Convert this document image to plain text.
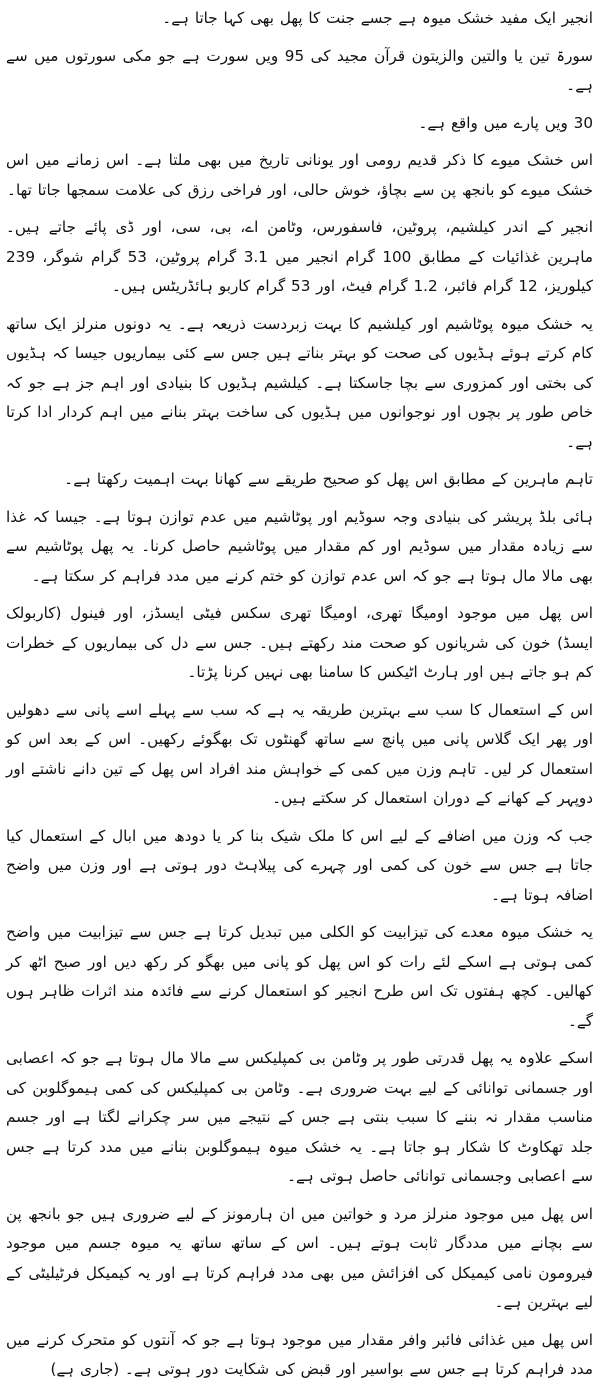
انجیر ایک مفید خشک میوہ ہے جسے جنت کا پھل بھی کہا جاتا ہے۔

سورۃ تین یا والتین والزیتون قرآن مجید کی 95 ویں سورت ہے جو مکی سورتوں میں سے ہے۔

30 ویں پارے میں واقع ہے۔

اس خشک میوے کا ذکر قدیم رومی اور یونانی تاریخ میں بھی ملتا ہے۔ اس زمانے میں اس خشک میوے کو بانجھ پن سے بچاؤ، خوش حالی، اور فراخی رزق کی علامت سمجھا جاتا تھا۔

انجیر کے اندر کیلشیم، پروٹین، فاسفورس، وٹامن اے، بی، سی، اور ڈی پائے جاتے ہیں۔ ماہرین غذائیات کے مطابق 100 گرام انجیر میں 3.1 گرام پروٹین، 53 گرام شوگر، 239 کیلوریز، 12 گرام فائبر، 1.2 گرام فیٹ، اور 53 گرام کاربو ہائڈریٹس ہیں۔

یہ خشک میوہ پوٹاشیم اور کیلشیم کا بہت زبردست ذریعہ ہے۔ یہ دونوں منرلز ایک ساتھ کام کرتے ہوئے ہڈیوں کی صحت کو بہتر بناتے ہیں جس سے کئی بیماریوں جیسا کہ ہڈیوں کی بختی اور کمزوری سے بچا جاسکتا ہے۔ کیلشیم ہڈیوں کا بنیادی اور اہم جز ہے جو کہ خاص طور پر بچوں اور نوجوانوں میں ہڈیوں کی ساخت بہتر بنانے میں اہم کردار ادا کرتا ہے۔

تاہم ماہرین کے مطابق اس پھل کو صحیح طریقے سے کھانا بہت اہمیت رکھتا ہے۔

ہائی بلڈ پریشر کی بنیادی وجہ سوڈیم اور پوٹاشیم میں عدم توازن ہوتا ہے۔ جیسا کہ غذا سے زیادہ مقدار میں سوڈیم اور کم مقدار میں پوٹاشیم حاصل کرنا۔ یہ پھل پوٹاشیم سے بھی مالا مال ہوتا ہے جو کہ اس عدم توازن کو ختم کرنے میں مدد فراہم کر سکتا ہے۔

اس پھل میں موجود اومیگا تھری، اومیگا تھری سکس فیٹی ایسڈز، اور فینول (کاربولک ایسڈ) خون کی شریانوں کو صحت مند رکھتے ہیں۔ جس سے دل کی بیماریوں کے خطرات کم ہو جاتے ہیں اور ہارٹ اٹیکس کا سامنا بھی نہیں کرنا پڑتا۔

اس کے استعمال کا سب سے بہترین طریقہ یہ ہے کہ سب سے پہلے اسے پانی سے دھولیں اور پھر ایک گلاس پانی میں پانچ سے ساتھ گھنٹوں تک بھگوئے رکھیں۔ اس کے بعد اس کو استعمال کر لیں۔ تاہم وزن میں کمی کے خواہش مند افراد اس پھل کے تین دانے ناشتے اور دوپہر کے کھانے کے دوران استعمال کر سکتے ہیں۔

جب کہ وزن میں اضافے کے لیے اس کا ملک شیک بنا کر یا دودھ میں ابال کے استعمال کیا جاتا ہے جس سے خون کی کمی اور چہرے کی پیلاہٹ دور ہوتی ہے اور وزن میں واضح اضافہ ہوتا ہے۔

یہ خشک میوہ معدے کی تیزابیت کو الکلی میں تبدیل کرتا ہے جس سے تیزابیت میں واضح کمی ہوتی ہے اسکے لئے رات کو اس پھل کو پانی میں بھگو کر رکھ دیں اور صبح اٹھ کر کھالیں۔ کچھ ہفتوں تک اس طرح انجیر کو استعمال کرنے سے فائدہ مند اثرات ظاہر ہوں گے۔

اسکے علاوہ یہ پھل قدرتی طور پر وٹامن بی کمپلیکس سے مالا مال ہوتا ہے جو کہ اعصابی اور جسمانی توانائی کے لیے بہت ضروری ہے۔ وٹامن بی کمپلیکس کی کمی ہیموگلوبن کی مناسب مقدار نہ بننے کا سبب بنتی ہے جس کے نتیجے میں سر چکرانے لگتا ہے اور جسم جلد تھکاوٹ کا شکار ہو جاتا ہے۔ یہ خشک میوہ ہیموگلوبن بنانے میں مدد کرتا ہے جس سے اعصابی وجسمانی توانائی حاصل ہوتی ہے۔

اس پھل میں موجود منرلز مرد و خواتین میں ان ہارمونز کے لیے ضروری ہیں جو بانجھ پن سے بچانے میں مددگار ثابت ہوتے ہیں۔ اس کے ساتھ ساتھ یہ میوہ جسم میں موجود فیرومون نامی کیمیکل کی افزائش میں بھی مدد فراہم کرتا ہے اور یہ کیمیکل فرٹیلیٹی کے لیے بہترین ہے۔

اس پھل میں غذائی فائبر وافر مقدار میں موجود ہوتا ہے جو کہ آنتوں کو متحرک کرنے میں مدد فراہم کرتا ہے جس سے بواسیر اور قبض کی شکایت دور ہوتی ہے۔ (جاری ہے)
